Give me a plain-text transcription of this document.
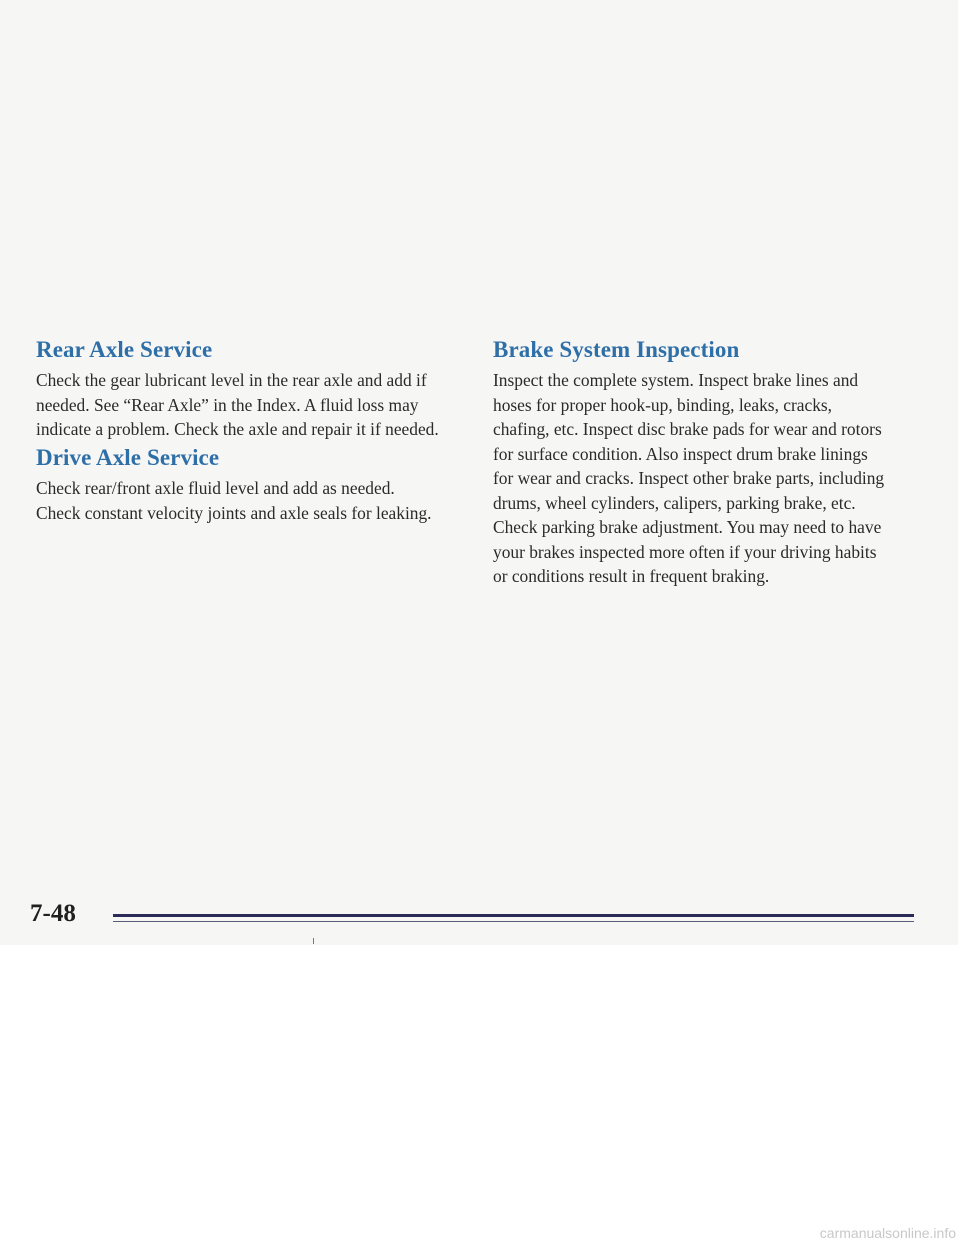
Rear Axle Service
Check the gear lubricant level in the rear axle and add if
needed. See “Rear Axle” in the Index. A fluid loss may
indicate a problem. Check the axle and repair it if needed.
Drive Axle Service
Check rear/front axle fluid level and add as needed.
Check constant velocity joints and axle seals for leaking.
Brake System Inspection
Inspect the complete system. Inspect brake lines and
hoses for proper hook-up, binding, leaks, cracks,
chafing, etc. Inspect disc brake pads for wear and rotors
for surface condition. Also inspect drum brake linings
for wear and cracks. Inspect other brake parts, including
drums, wheel cylinders, calipers, parking brake, etc.
Check parking brake adjustment. You may need to have
your brakes inspected more often if your driving habits
or conditions result in frequent braking.
7-48
carmanualsonline.info
